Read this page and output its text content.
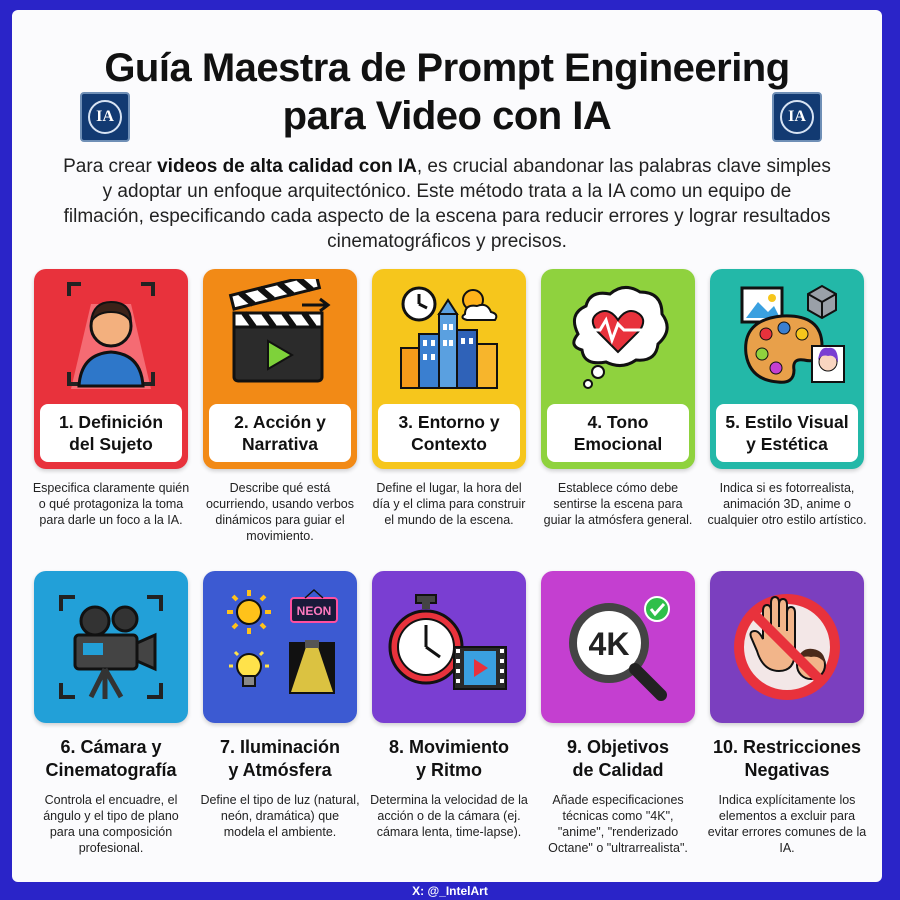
Guía Maestra de Prompt Engineering
para Video con IA
IA	IA
Para crear videos de alta calidad con IA, es crucial abandonar las palabras clave simples y adoptar un enfoque arquitectónico. Este método trata a la IA como un equipo de filmación, especificando cada aspecto de la escena para reducir errores y lograr resultados cinematográficos y precisos.
1. Definición
del Sujeto
2. Acción y
Narrativa
3. Entorno y
Contexto
4. Tono
Emocional
5. Estilo Visual
y Estética
Especifica claramente quién o qué protagoniza la toma para darle un foco a la IA.
Describe qué está ocurriendo, usando verbos dinámicos para guiar el movimiento.
Define el lugar, la hora del día y el clima para construir el mundo de la escena.
Establece cómo debe sentirse la escena para guiar la atmósfera general.
Indica si es fotorrealista, animación 3D, anime o cualquier otro estilo artístico.
NEON
4K
6. Cámara y
Cinematografía
7. Iluminación
y Atmósfera
8. Movimiento
y Ritmo
9. Objetivos
de Calidad
10. Restricciones
Negativas
Controla el encuadre, el ángulo y el tipo de plano para una composición profesional.
Define el tipo de luz (natural, neón, dramática) que modela el ambiente.
Determina la velocidad de la acción o de la cámara (ej. cámara lenta, time-lapse).
Añade especificaciones técnicas como "4K", "anime", "renderizado Octane" o "ultrarrealista".
Indica explícitamente los elementos a excluir para evitar errores comunes de la IA.
X: @_IntelArt
